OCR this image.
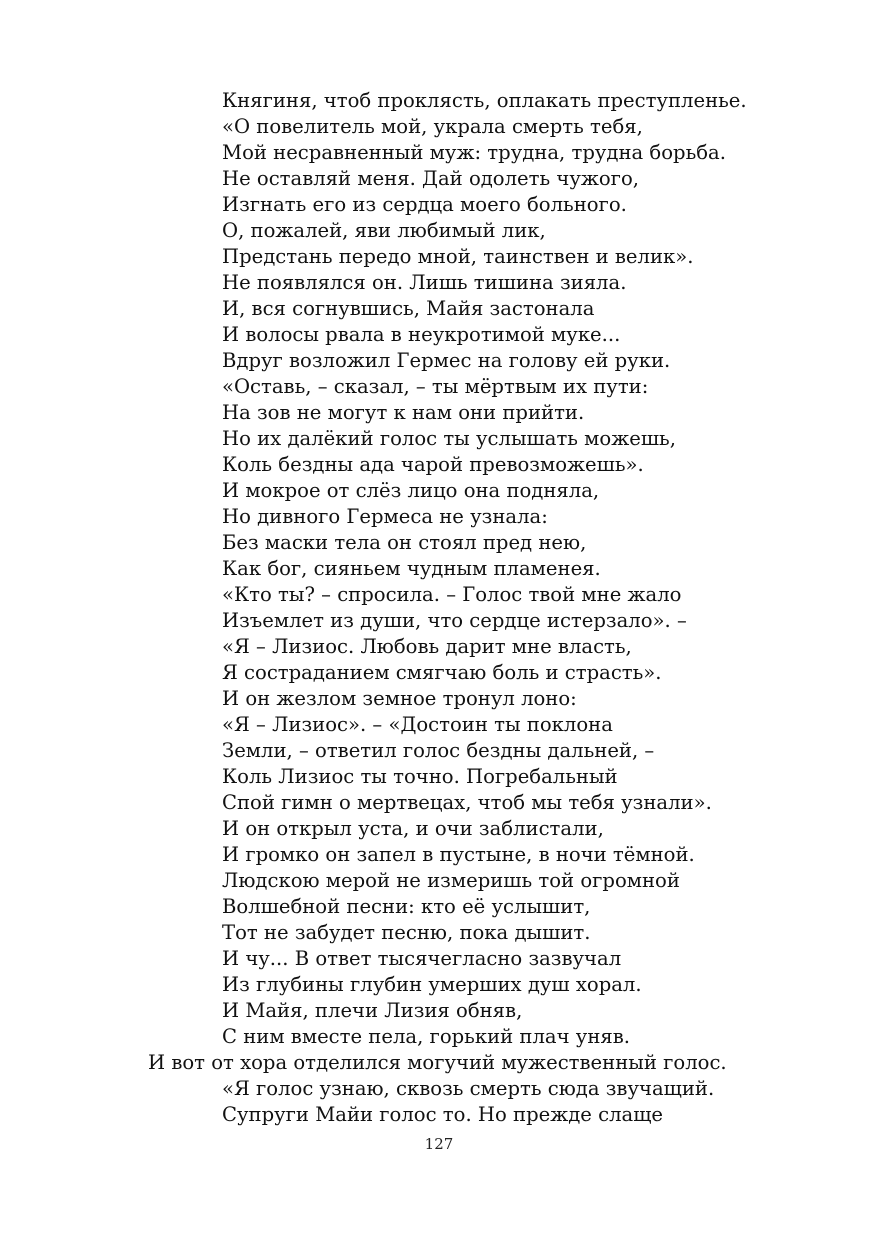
Княгиня, чтоб проклясть, оплакать преступленье.
«О повелитель мой, украла смерть тебя,
Мой несравненный муж: трудна, трудна борьба.
Не оставляй меня. Дай одолеть чужого,
Изгнать его из сердца моего больного.
О, пожалей, яви любимый лик,
Предстань передо мной, таинствен и велик».
Не появлялся он. Лишь тишина зияла.
И, вся согнувшись, Майя застонала
И волосы рвала в неукротимой муке...
Вдруг возложил Гермес на голову ей руки.
«Оставь, – сказал, – ты мёртвым их пути:
На зов не могут к нам они прийти.
Но их далёкий голос ты услышать можешь,
Коль бездны ада чарой превозможешь».
И мокрое от слёз лицо она подняла,
Но дивного Гермеса не узнала:
Без маски тела он стоял пред нею,
Как бог, сияньем чудным пламенея.
«Кто ты? – спросила. – Голос твой мне жало
Изъемлет из души, что сердце истерзало». –
«Я – Лизиос. Любовь дарит мне власть,
Я состраданием смягчаю боль и страсть».
И он жезлом земное тронул лоно:
«Я – Лизиос». – «Достоин ты поклона
Земли, – ответил голос бездны дальней, –
Коль Лизиос ты точно. Погребальный
Спой гимн о мертвецах, чтоб мы тебя узнали».
И он открыл уста, и очи заблистали,
И громко он запел в пустыне, в ночи тёмной.
Людскою мерой не измеришь той огромной
Волшебной песни: кто её услышит,
Тот не забудет песню, пока дышит.
И чу... В ответ тысячегласно зазвучал
Из глубины глубин умерших душ хорал.
И Майя, плечи Лизия обняв,
С ним вместе пела, горький плач уняв.
И вот от хора отделился могучий мужественный голос.
«Я голос узнаю, сквозь смерть сюда звучащий.
Супруги Майи голос то. Но прежде слаще
127
